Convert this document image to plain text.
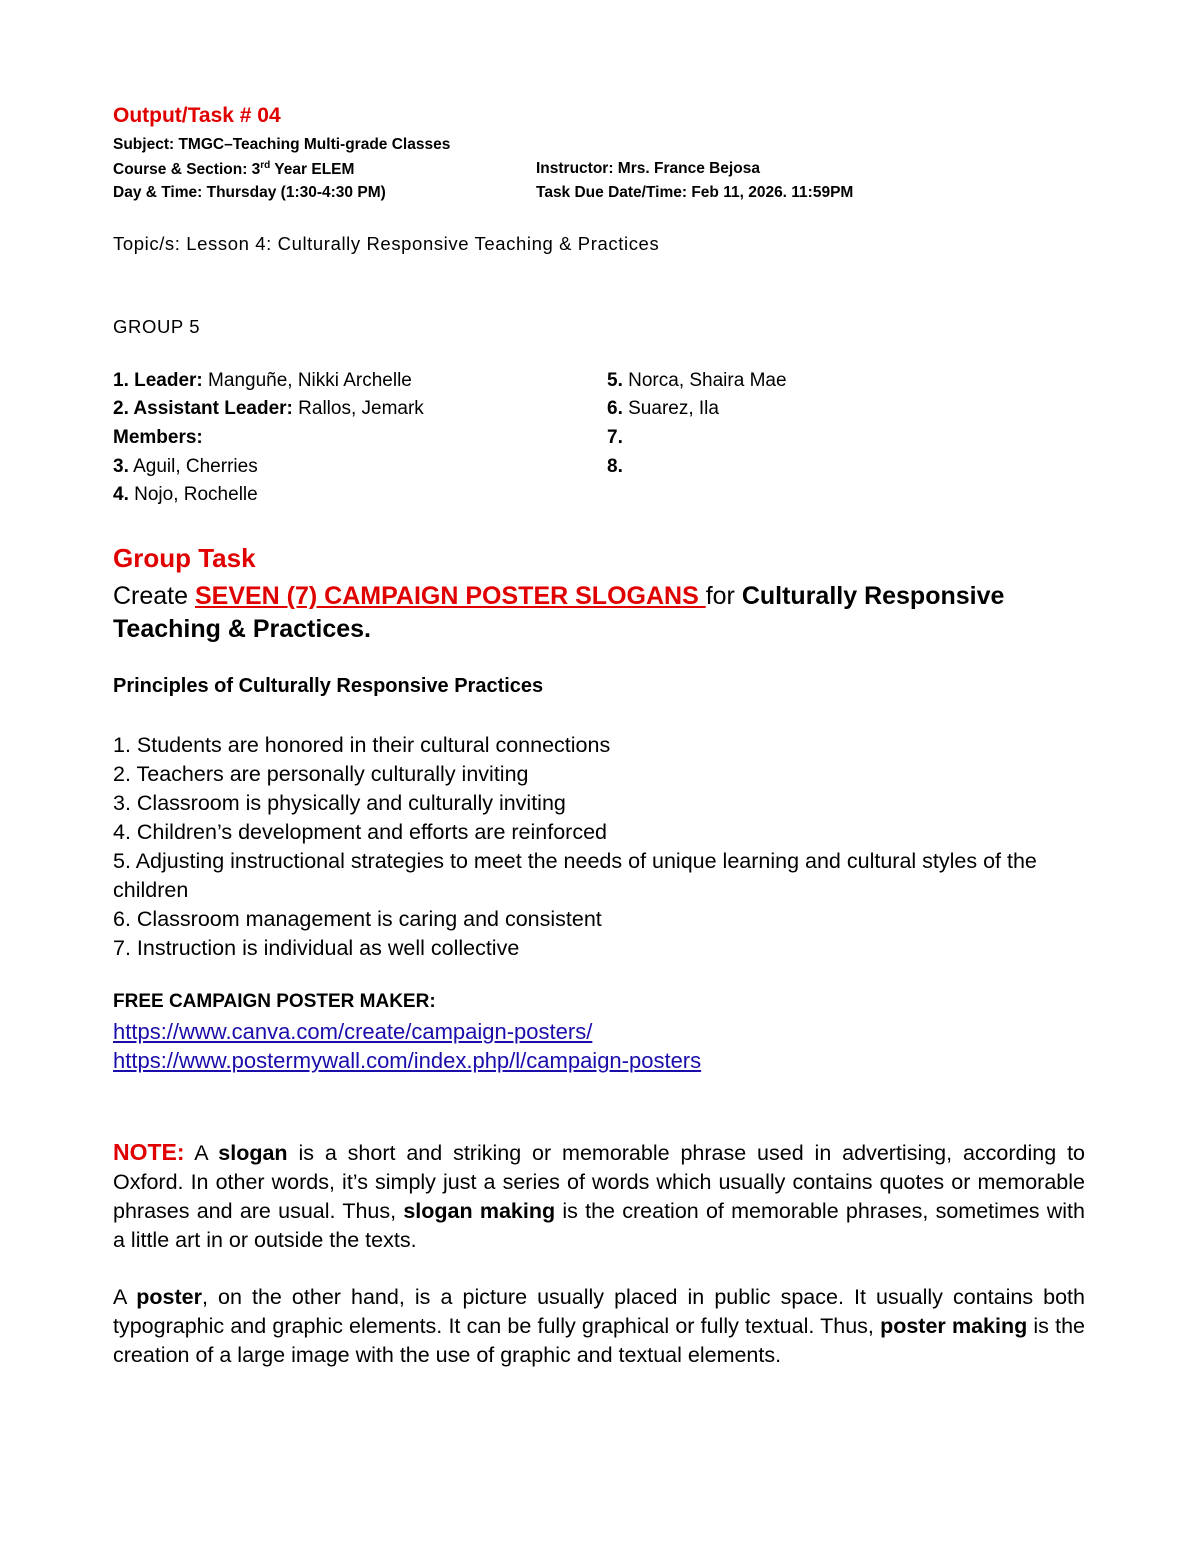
Output/Task # 04
Subject: TMGC–Teaching Multi-grade Classes
Course & Section: 3rd Year ELEM	Instructor: Mrs. France Bejosa
Day & Time: Thursday (1:30-4:30 PM)	Task Due Date/Time: Feb 11, 2026. 11:59PM
Topic/s: Lesson 4: Culturally Responsive Teaching & Practices
GROUP 5
1. Leader: Manguñe, Nikki Archelle
2. Assistant Leader: Rallos, Jemark
Members:
3. Aguil, Cherries
4. Nojo, Rochelle
5. Norca, Shaira Mae
6. Suarez, Ila
7.
8.
Group Task
Create SEVEN (7) CAMPAIGN POSTER SLOGANS for Culturally Responsive Teaching & Practices.
Principles of Culturally Responsive Practices
1. Students are honored in their cultural connections
2. Teachers are personally culturally inviting
3. Classroom is physically and culturally inviting
4. Children’s development and efforts are reinforced
5. Adjusting instructional strategies to meet the needs of unique learning and cultural styles of the children
6. Classroom management is caring and consistent
7. Instruction is individual as well collective
FREE CAMPAIGN POSTER MAKER:
https://www.canva.com/create/campaign-posters/
https://www.postermywall.com/index.php/l/campaign-posters
NOTE: A slogan is a short and striking or memorable phrase used in advertising, according to Oxford. In other words, it’s simply just a series of words which usually contains quotes or memorable phrases and are usual. Thus, slogan making is the creation of memorable phrases, sometimes with a little art in or outside the texts.
A poster, on the other hand, is a picture usually placed in public space. It usually contains both typographic and graphic elements. It can be fully graphical or fully textual. Thus, poster making is the creation of a large image with the use of graphic and textual elements.
